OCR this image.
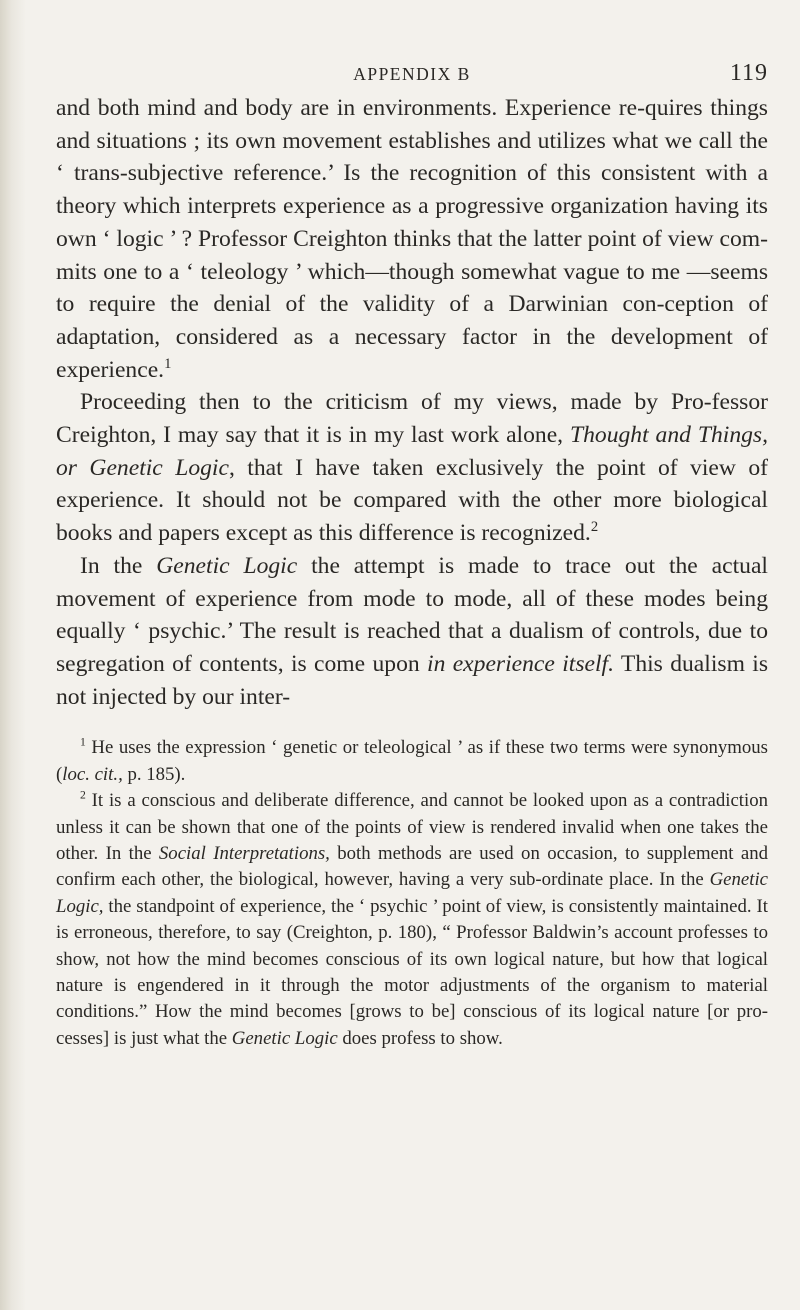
APPENDIX B	119

and both mind and body are in environments. Experience re-quires things and situations ; its own movement establishes and utilizes what we call the ‘ trans-subjective reference.’ Is the recognition of this consistent with a theory which interprets experience as a progressive organization having its own ‘ logic ’ ? Professor Creighton thinks that the latter point of view com-mits one to a ‘ teleology ’ which—though somewhat vague to me —seems to require the denial of the validity of a Darwinian con-ception of adaptation, considered as a necessary factor in the development of experience.$^1$

Proceeding then to the criticism of my views, made by Pro-fessor Creighton, I may say that it is in my last work alone, Thought and Things, or Genetic Logic, that I have taken exclusively the point of view of experience. It should not be compared with the other more biological books and papers except as this difference is recognized.$^2$

In the Genetic Logic the attempt is made to trace out the actual movement of experience from mode to mode, all of these modes being equally ‘ psychic.’ The result is reached that a dualism of controls, due to segregation of contents, is come upon in experience itself. This dualism is not injected by our inter-

$^1$ He uses the expression ‘ genetic or teleological ’ as if these two terms were synonymous (loc. cit., p. 185).

$^2$ It is a conscious and deliberate difference, and cannot be looked upon as a contradiction unless it can be shown that one of the points of view is rendered invalid when one takes the other. In the Social Interpretations, both methods are used on occasion, to supplement and confirm each other, the biological, however, having a very sub-ordinate place. In the Genetic Logic, the standpoint of experience, the ‘ psychic ’ point of view, is consistently maintained. It is erroneous, therefore, to say (Creighton, p. 180), “ Professor Baldwin’s account professes to show, not how the mind becomes conscious of its own logical nature, but how that logical nature is engendered in it through the motor adjustments of the organism to material conditions.” How the mind becomes [grows to be] conscious of its logical nature [or pro-cesses] is just what the Genetic Logic does profess to show.
